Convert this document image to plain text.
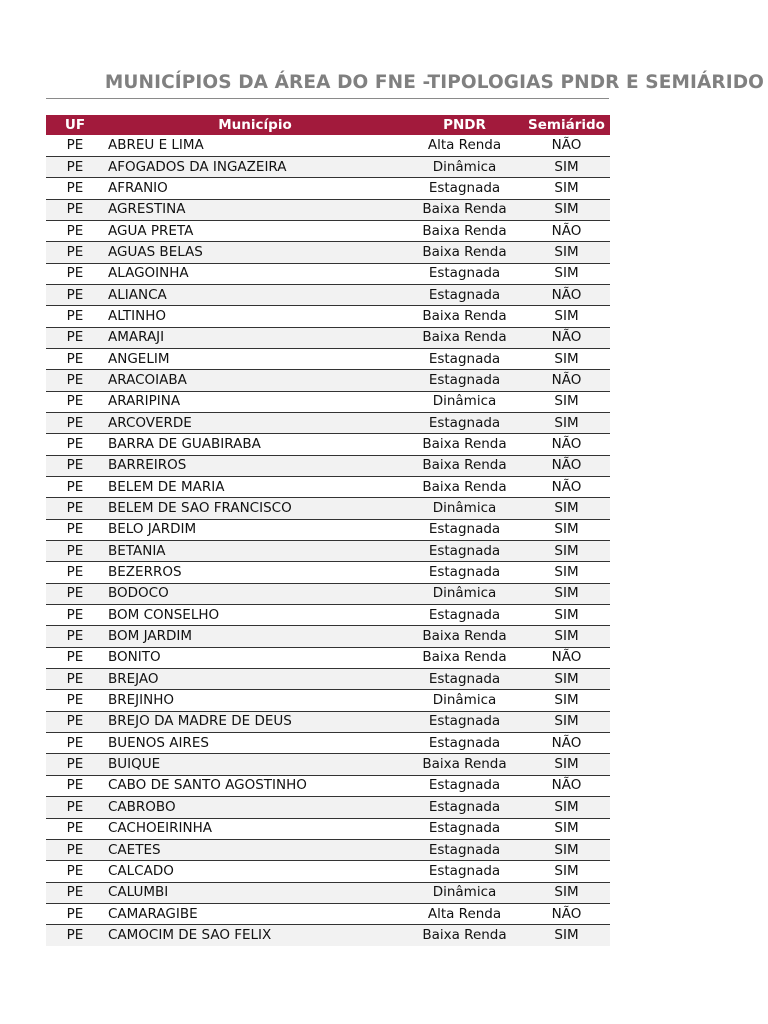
MUNICÍPIOS DA ÁREA DO FNE -TIPOLOGIAS PNDR E SEMIÁRIDO
UF	Município	PNDR	Semiárido
PE	ABREU E LIMA	Alta Renda	NÃO
PE	AFOGADOS DA INGAZEIRA	Dinâmica	SIM
PE	AFRANIO	Estagnada	SIM
PE	AGRESTINA	Baixa Renda	SIM
PE	AGUA PRETA	Baixa Renda	NÃO
PE	AGUAS BELAS	Baixa Renda	SIM
PE	ALAGOINHA	Estagnada	SIM
PE	ALIANCA	Estagnada	NÃO
PE	ALTINHO	Baixa Renda	SIM
PE	AMARAJI	Baixa Renda	NÃO
PE	ANGELIM	Estagnada	SIM
PE	ARACOIABA	Estagnada	NÃO
PE	ARARIPINA	Dinâmica	SIM
PE	ARCOVERDE	Estagnada	SIM
PE	BARRA DE GUABIRABA	Baixa Renda	NÃO
PE	BARREIROS	Baixa Renda	NÃO
PE	BELEM DE MARIA	Baixa Renda	NÃO
PE	BELEM DE SAO FRANCISCO	Dinâmica	SIM
PE	BELO JARDIM	Estagnada	SIM
PE	BETANIA	Estagnada	SIM
PE	BEZERROS	Estagnada	SIM
PE	BODOCO	Dinâmica	SIM
PE	BOM CONSELHO	Estagnada	SIM
PE	BOM JARDIM	Baixa Renda	SIM
PE	BONITO	Baixa Renda	NÃO
PE	BREJAO	Estagnada	SIM
PE	BREJINHO	Dinâmica	SIM
PE	BREJO DA MADRE DE DEUS	Estagnada	SIM
PE	BUENOS AIRES	Estagnada	NÃO
PE	BUIQUE	Baixa Renda	SIM
PE	CABO DE SANTO AGOSTINHO	Estagnada	NÃO
PE	CABROBO	Estagnada	SIM
PE	CACHOEIRINHA	Estagnada	SIM
PE	CAETES	Estagnada	SIM
PE	CALCADO	Estagnada	SIM
PE	CALUMBI	Dinâmica	SIM
PE	CAMARAGIBE	Alta Renda	NÃO
PE	CAMOCIM DE SAO FELIX	Baixa Renda	SIM
